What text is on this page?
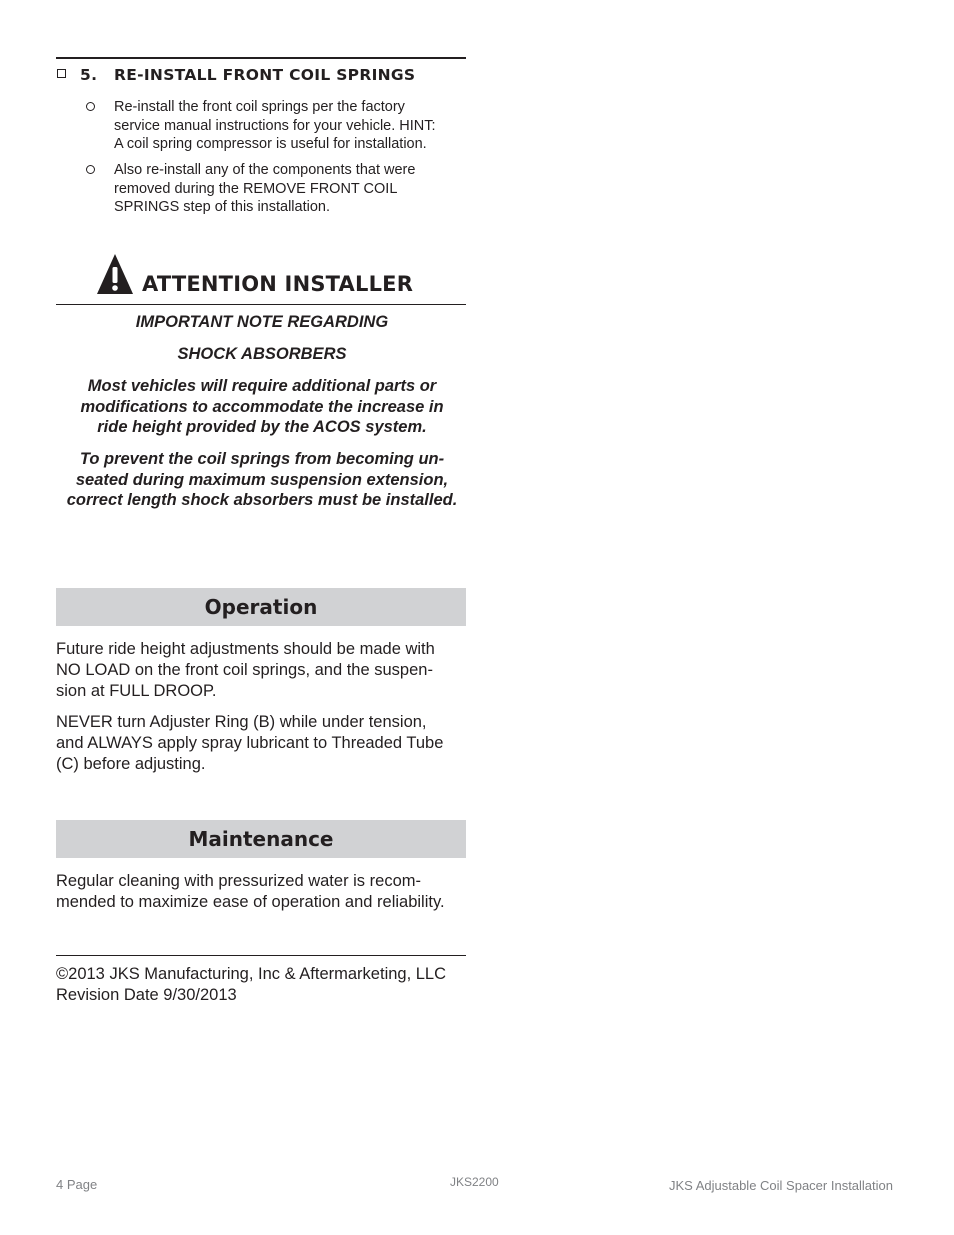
5. RE-INSTALL FRONT COIL SPRINGS
Re-install the front coil springs per the factory
service manual instructions for your vehicle. HINT:
A coil spring compressor is useful for installation.
Also re-install any of the components that were
removed during the REMOVE FRONT COIL
SPRINGS step of this installation.
ATTENTION INSTALLER
IMPORTANT NOTE REGARDING
SHOCK ABSORBERS
Most vehicles will require additional parts or
modifications to accommodate the increase in
ride height provided by the ACOS system.
To prevent the coil springs from becoming un-
seated during maximum suspension extension,
correct length shock absorbers must be installed.
Operation
Future ride height adjustments should be made with
NO LOAD on the front coil springs, and the suspen-
sion at FULL DROOP.
NEVER turn Adjuster Ring (B) while under tension,
and ALWAYS apply spray lubricant to Threaded Tube
(C) before adjusting.
Maintenance
Regular cleaning with pressurized water is recom-
mended to maximize ease of operation and reliability.
©2013 JKS Manufacturing, Inc & Aftermarketing, LLC
Revision Date 9/30/2013
4 Page	JKS2200	JKS Adjustable Coil Spacer Installation
